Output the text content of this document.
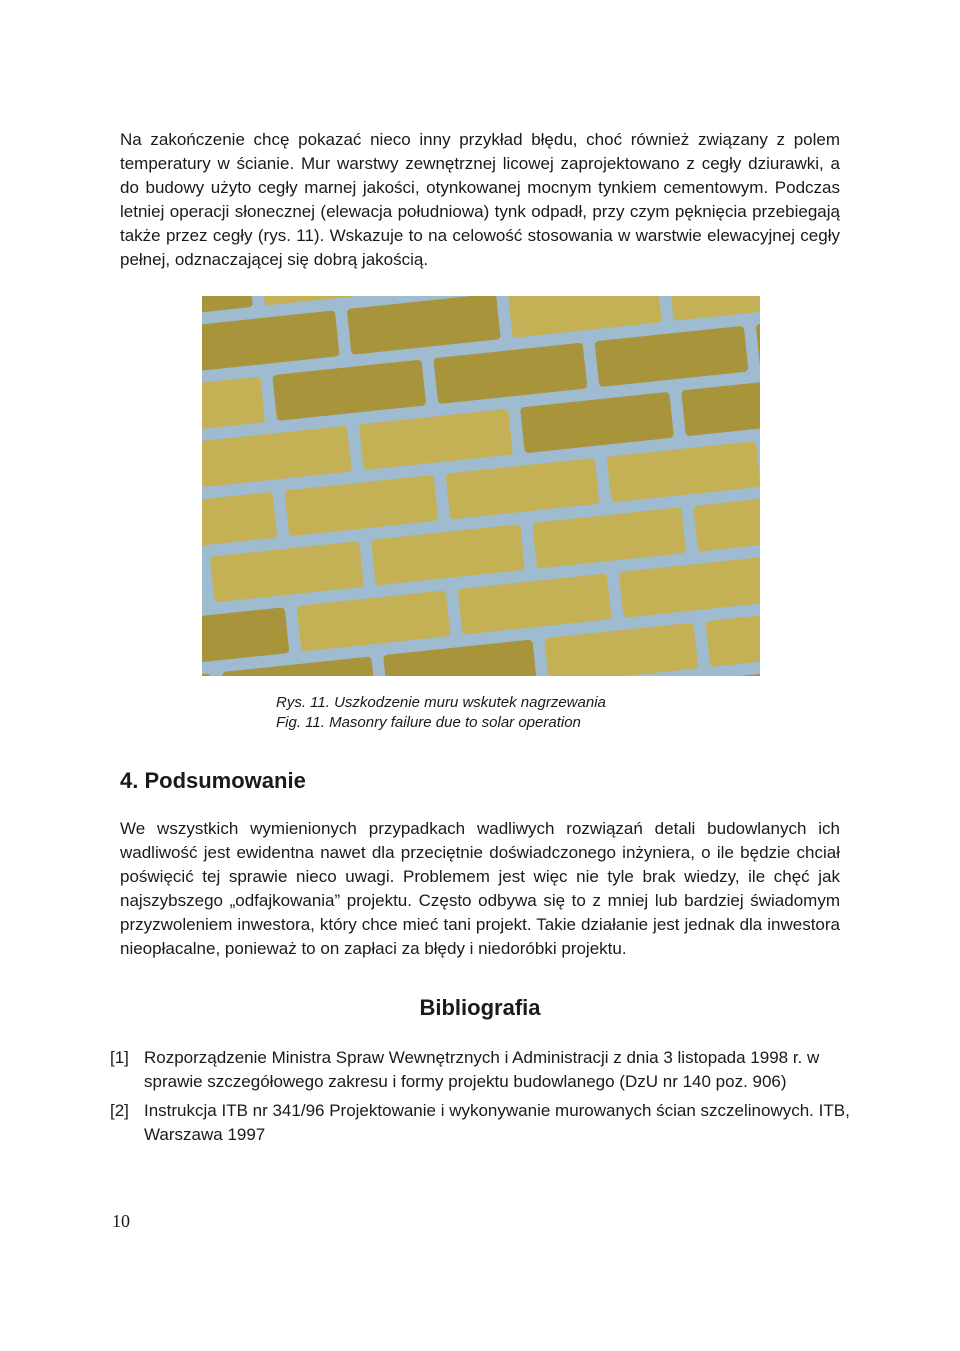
Na zakończenie chcę pokazać nieco inny przykład błędu, choć również związany z polem temperatury w ścianie. Mur warstwy zewnętrznej licowej zaprojektowano z cegły dziurawki, a do budowy użyto cegły marnej jakości, otynkowanej mocnym tynkiem cementowym. Podczas letniej operacji słonecznej (elewacja południowa) tynk odpadł, przy czym pęknięcia przebiegają także przez cegły (rys. 11). Wskazuje to na celowość stosowania w warstwie elewacyjnej cegły pełnej, odznaczającej się dobrą jakością.

Rys. 11. Uszkodzenie muru wskutek nagrzewania

Fig. 11. Masonry failure due to solar operation

4. Podsumowanie

We wszystkich wymienionych przypadkach wadliwych rozwiązań detali budowlanych ich wadliwość jest ewidentna nawet dla przeciętnie doświadczonego inżyniera, o ile będzie chciał poświęcić tej sprawie nieco uwagi. Problemem jest więc nie tyle brak wiedzy, ile chęć jak najszybszego „odfajkowania” projektu. Często odbywa się to z mniej lub bardziej świadomym przyzwoleniem inwestora, który chce mieć tani projekt. Takie działanie jest jednak dla inwestora nieopłacalne, ponieważ to on zapłaci za błędy i niedoróbki projektu.

Bibliografia
[1] Rozporządzenie Ministra Spraw Wewnętrznych i Administracji z dnia 3 listopada 1998 r. w sprawie szczegółowego zakresu i formy projektu budowlanego (DzU nr 140 poz. 906)
[2] Instrukcja ITB nr 341/96 Projektowanie i wykonywanie murowanych ścian szczelinowych. ITB, Warszawa 1997

10
